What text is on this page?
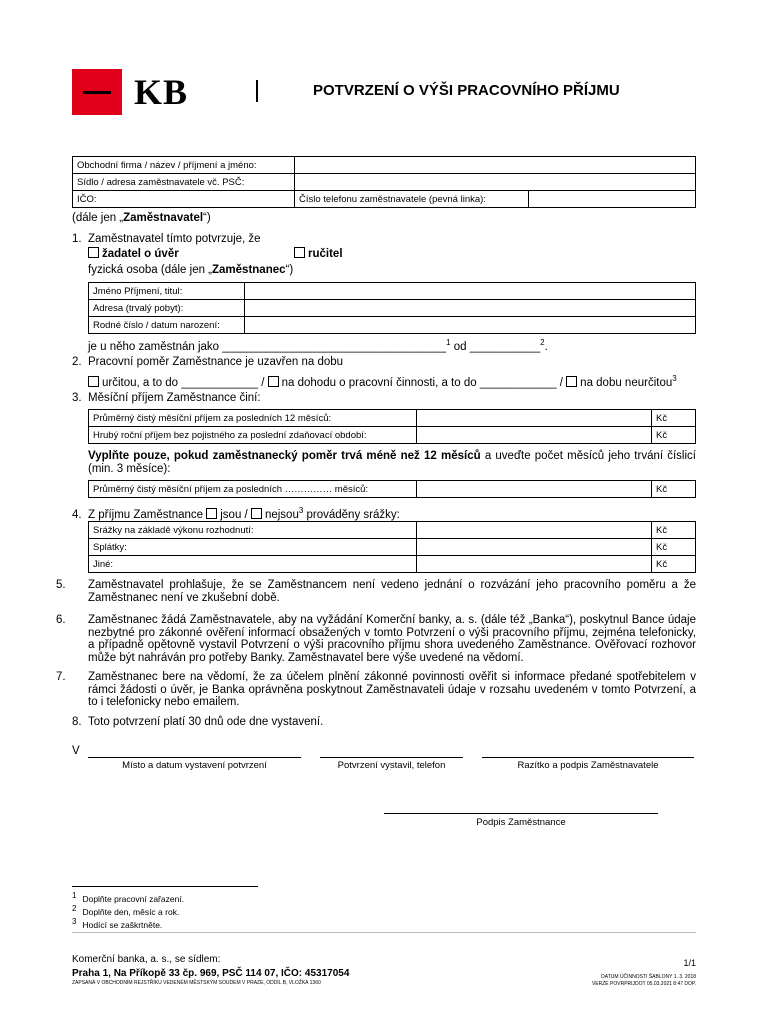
KB	POTVRZENÍ O VÝŠI PRACOVNÍHO PŘÍJMU
Obchodní firma / název / příjmení a jméno:		
Sídlo / adresa zaměstnavatele vč. PSČ:		
IČO:	Číslo telefonu zaměstnavatele (pevná linka):	
(dále jen „Zaměstnavatel“)
1. Zaměstnavatel tímto potvrzuje, že
žadatel o úvěr	ručitel
fyzická osoba (dále jen „Zaměstnanec“)
Jméno Příjmení, titul:	
Adresa (trvalý pobyt):	
Rodné číslo / datum narození:	
je u něho zaměstnán jako ___________________________________$^1$ od ___________$^2$.
2. Pracovní poměr Zaměstnance je uzavřen na dobu
určitou, a to do ____________ / na dohodu o pracovní činnosti, a to do ____________ / na dobu neurčitou$^3$
3. Měsíční příjem Zaměstnance činí:
Průměrný čistý měsíční příjem za posledních 12 měsíců:		Kč
Hrubý roční příjem bez pojistného za poslední zdaňovací období:		Kč
Vyplňte pouze, pokud zaměstnanecký poměr trvá méně než 12 měsíců a uveďte počet měsíců jeho trvání číslicí (min. 3 měsíce):
Průměrný čistý měsíční příjem za posledních …………… měsíců:		Kč
4. Z příjmu Zaměstnance jsou / nejsou$^3$ prováděny srážky:
Srážky na základě výkonu rozhodnutí:		Kč
Splátky:		Kč
Jiné:		Kč
5. Zaměstnavatel prohlašuje, že se Zaměstnancem není vedeno jednání o rozvázání jeho pracovního poměru a že Zaměstnanec není ve zkušební době.
6. Zaměstnanec žádá Zaměstnavatele, aby na vyžádání Komerční banky, a. s. (dále též „Banka“), poskytnul Bance údaje nezbytné pro zákonné ověření informací obsažených v tomto Potvrzení o výši pracovního příjmu, zejména telefonicky, a případně opětovně vystavil Potvrzení o výši pracovního příjmu shora uvedeného Zaměstnance. Ověřovací rozhovor může být nahráván pro potřeby Banky. Zaměstnavatel bere výše uvedené na vědomí.
7. Zaměstnanec bere na vědomí, že za účelem plnění zákonné povinnosti ověřit si informace předané spotřebitelem v rámci žádosti o úvěr, je Banka oprávněna poskytnout Zaměstnavateli údaje v rozsahu uvedeném v tomto Potvrzení, a to i telefonicky nebo emailem.
8. Toto potvrzení platí 30 dnů ode dne vystavení.
V
Místo a datum vystavení potvrzení	Potvrzení vystavil, telefon	Razítko a podpis Zaměstnavatele
Podpis Zaměstnance
$^1$ Doplňte pracovní zařazení.
$^2$ Doplňte den, měsíc a rok.
$^3$ Hodící se zaškrtněte.
Komerční banka, a. s., se sídlem:
Praha 1, Na Příkopě 33 čp. 969, PSČ 114 07, IČO: 45317054
ZAPSANÁ V OBCHODNÍM REJSTŘÍKU VEDENÉM MĚSTSKÝM SOUDEM V PRAZE, ODDÍL B, VLOŽKA 1360
1/1
DATUM ÚČINNOSTI ŠABLONY 1. 3. 2018
VERZE POVRPRIJDOT 05.03.2021 8:47 DOP.
